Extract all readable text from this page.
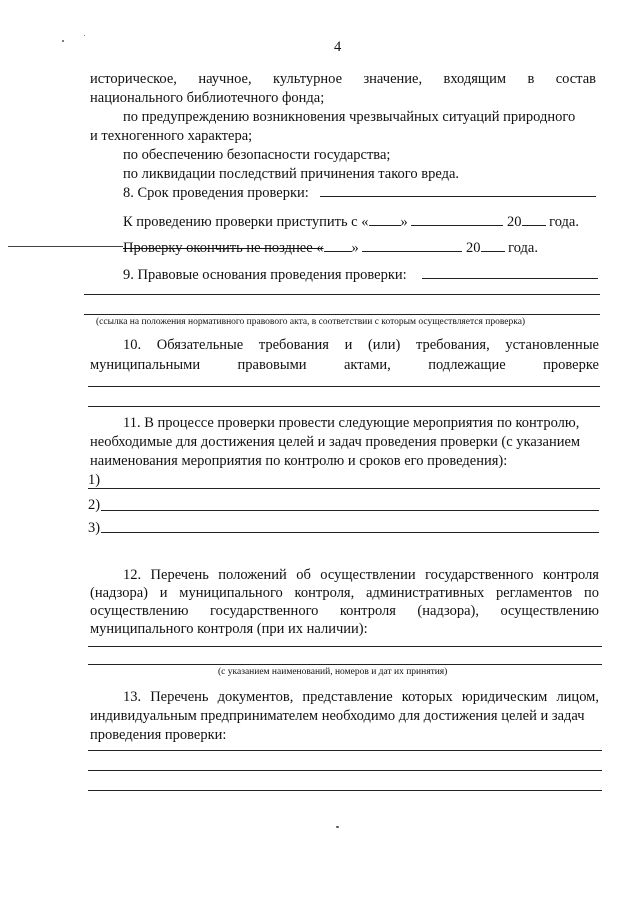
4
историческое, научное, культурное значение, входящим в состав
национального библиотечного фонда;
по предупреждению возникновения чрезвычайных ситуаций природного
и техногенного характера;
по обеспечению безопасности государства;
по ликвидации последствий причинения такого вреда.
8. Срок проведения проверки:
К проведению проверки приступить с « »	20 года.
Проверку окончить не позднее « »	20 года.
9. Правовые основания проведения проверки:
(ссылка на положения нормативного правового акта, в соответствии с которым осуществляется проверка)
10. Обязательные требования и (или) требования, установленные
муниципальными	правовыми	актами,	подлежащие	проверке
11. В процессе проверки провести следующие мероприятия по контролю,
необходимые для достижения целей и задач проведения проверки (с указанием
наименования мероприятия по контролю и сроков его проведения):
1)
2)
3)
12. Перечень положений об осуществлении государственного контроля
(надзора) и муниципального контроля, административных регламентов по
осуществлению государственного контроля (надзора), осуществлению
муниципального контроля (при их наличии):
(с указанием наименований, номеров и дат их принятия)
13. Перечень документов, представление которых юридическим лицом,
индивидуальным предпринимателем необходимо для достижения целей и задач
проведения проверки:
